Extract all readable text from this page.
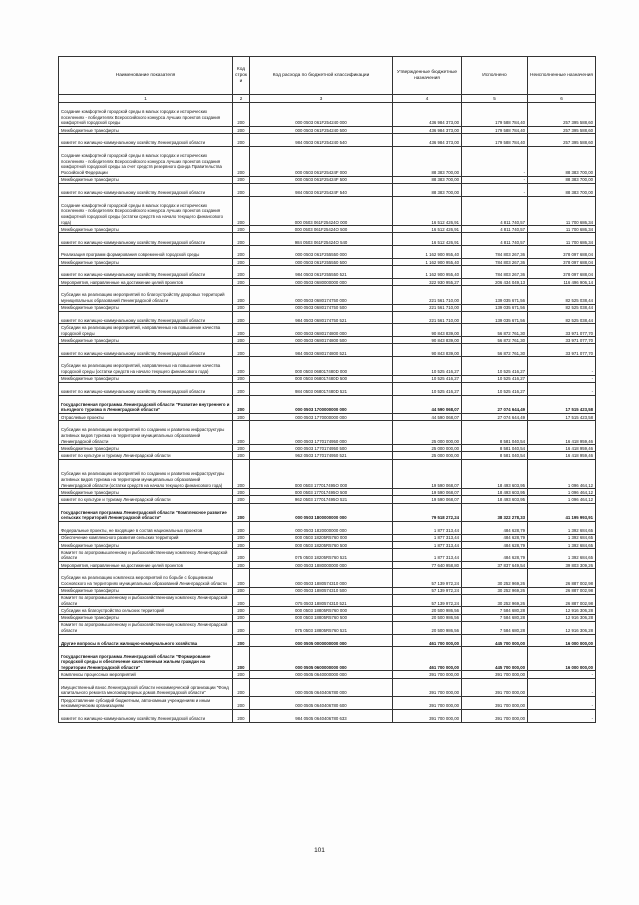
Наименование показателя	Код строк и	Код расхода по бюджетной классификации	Утвержденные бюджетные назначения	Исполнено	Неисполненные назначения
1	2	3	4	5	6
Создание комфортной городской среды в малых городах и исторических поселениях - победителях Всероссийского конкурса лучших проектов создания комфортной городской среды	200	000 0503 061F254240 000	436 984 373,00	179 588 784,40	257 395 588,60
Межбюджетные трансферты	200	000 0503 061F254240 500	436 984 373,00	179 588 784,40	257 395 588,60
комитет по жилищно-коммунальному хозяйству Ленинградской области	200	984 0503 061F254240 540	436 984 373,00	179 588 784,40	257 395 588,60
Создание комфортной городской среды в малых городах и исторических поселениях - победителях Всероссийского конкурса лучших проектов создания комфортной городской среды за счет средств резервного фонда Правительства Российской Федерации	200	000 0503 061F25424F 000	88 383 700,00	-	88 383 700,00
Межбюджетные трансферты	200	000 0503 061F25424F 500	88 383 700,00	-	88 383 700,00
комитет по жилищно-коммунальному хозяйству Ленинградской области	200	984 0503 061F25424F 540	88 383 700,00	-	88 383 700,00
Создание комфортной городской среды в малых городах и исторических поселениях - победителях Всероссийского конкурса лучших проектов создания комфортной городской среды (остатки средств на начало текущего финансового года)	200	000 0503 061F25424O 000	16 512 426,91	4 811 740,57	11 700 686,34
Межбюджетные трансферты	200	000 0503 061F25424O 500	16 512 426,91	4 811 740,57	11 700 686,34
комитет по жилищно-коммунальному хозяйству Ленинградской области	200	984 0503 061F25424O 540	16 512 426,91	4 811 740,57	11 700 686,34
Реализация программ формирования современной городской среды	200	000 0503 061F255550 000	1 162 900 955,40	784 803 267,36	378 097 688,04
Межбюджетные трансферты	200	000 0503 061F255550 500	1 162 900 955,40	784 803 267,36	378 097 688,04
комитет по жилищно-коммунальному хозяйству Ленинградской области	200	984 0503 061F255550 521	1 162 900 955,40	784 803 267,36	378 097 688,04
Мероприятия, направленные на достижение целей проектов	200	000 0503 0680000000 000	322 930 955,27	206 434 049,13	116 496 906,14
Субсидии на реализацию мероприятий по благоустройству дворовых территорий муниципальных образований Ленинградской области	200	000 0503 0680174750 000	221 561 710,00	139 035 671,56	82 525 038,44
Межбюджетные трансферты	200	000 0503 0680174750 500	221 561 710,00	139 035 671,56	82 525 038,44
комитет по жилищно-коммунальному хозяйству Ленинградской области	200	984 0503 0680174750 521	221 561 710,00	139 035 671,56	82 525 038,44
Субсидии на реализацию мероприятий, направленных на повышение качества городской среды	200	000 0503 0680174800 000	90 843 839,00	56 872 761,30	33 971 077,70
Межбюджетные трансферты	200	000 0503 0680174800 500	90 843 839,00	56 872 761,30	33 971 077,70
комитет по жилищно-коммунальному хозяйству Ленинградской области	200	984 0503 0680174800 521	90 843 839,00	56 872 761,30	33 971 077,70
Субсидии на реализацию мероприятий, направленных на повышение качества городской среды (остатки средств на начало текущего финансового года)	200	000 0503 068017480D 000	10 525 416,27	10 525 416,27	-
Межбюджетные трансферты	200	000 0503 068017480D 500	10 525 416,27	10 525 416,27	-
комитет по жилищно-коммунальному хозяйству Ленинградской области	200	984 0503 068017480D 521	10 525 416,27	10 525 416,27	-
Государственная программа Ленинградской области "Развитие внутреннего и въездного туризма в Ленинградской области"	200	000 0503 1700000000 000	44 590 068,07	27 074 644,49	17 515 423,58
Отраслевые проекты	200	000 0503 1770000000 000	44 590 068,07	27 074 644,49	17 515 423,58
Субсидии на реализацию мероприятий по созданию и развитию инфраструктуры активных видов туризма на территории муниципальных образований Ленинградской области	200	000 0503 1770174950 000	25 000 000,00	8 581 040,54	16 418 959,46
Межбюджетные трансферты	200	000 0503 1770174950 500	25 000 000,00	8 581 040,54	16 418 959,46
комитет по культуре и туризму Ленинградской области	200	962 0503 1770174950 521	25 000 000,00	8 581 040,54	16 418 959,46
Субсидии на реализацию мероприятий по созданию и развитию инфраструктуры активных видов туризма на территории муниципальных образований Ленинградской области (остатки средств на начало текущего финансового года)	200	000 0503 177017495O 000	19 590 068,07	18 493 603,95	1 096 464,12
Межбюджетные трансферты	200	000 0503 177017495O 500	19 590 068,07	18 493 603,95	1 096 464,12
комитет по культуре и туризму Ленинградской области	200	962 0503 177017495O 521	19 590 068,07	18 493 603,95	1 096 464,12
Государственная программа Ленинградской области "Комплексное развитие сельских территорий Ленинградской области"	200	000 0503 1800000000 000	79 518 272,24	38 322 278,33	41 195 993,91
Федеральные проекты, не входящие в состав национальных проектов	200	000 0503 1820000000 000	1 877 313,44	484 628,79	1 392 684,65
Обеспечение комплексного развития сельских территорий	200	000 0503 18205R5760 000	1 877 313,44	484 628,79	1 392 684,65
Межбюджетные трансферты	200	000 0503 18205R5760 500	1 877 313,44	484 628,79	1 392 684,65
Комитет по агропромышленному и рыбохозяйственному комплексу Ленинградской области	200	075 0503 18205R5760 521	1 877 313,44	484 628,79	1 392 684,65
Мероприятия, направленные на достижение целей проектов	200	000 0503 1880000000 000	77 640 958,80	37 837 649,54	39 803 309,26
Субсидии на реализацию комплекса мероприятий по борьбе с борщевиком Сосновского на территориях муниципальных образований Ленинградской области	200	000 0503 1880574310 000	57 139 972,24	30 252 969,26	26 887 002,98
Межбюджетные трансферты	200	000 0503 1880574310 500	57 139 972,24	30 252 969,26	26 887 002,98
Комитет по агропромышленному и рыбохозяйственному комплексу Ленинградской области	200	075 0503 1880574310 521	57 139 972,24	30 252 969,26	26 887 002,98
Субсидии на благоустройство сельских территорий	200	000 0503 18805R5760 000	20 500 986,56	7 584 680,28	12 916 306,28
Межбюджетные трансферты	200	000 0503 18805R5760 500	20 500 986,56	7 584 680,28	12 916 306,28
Комитет по агропромышленному и рыбохозяйственному комплексу Ленинградской области	200	075 0503 18805R5760 521	20 500 986,56	7 584 680,28	12 916 306,28
Другие вопросы в области жилищно-коммунального хозяйства	200	000 0505 0000000000 000	461 700 000,00	445 700 000,00	16 000 000,00
Государственная программа Ленинградской области "Формирование городской среды и обеспечение качественным жильем граждан на территории Ленинградской области"	200	000 0505 0600000000 000	461 700 000,00	445 700 000,00	16 000 000,00
Комплексы процессных мероприятий	200	000 0505 0640000000 000	391 700 000,00	391 700 000,00	-
Имущественный взнос Ленинградской области некоммерческой организации "Фонд капитального ремонта многоквартирных домов Ленинградской области"	200	000 0505 0640406780 000	391 700 000,00	391 700 000,00	-
Предоставление субсидий бюджетным, автономным учреждениям и иным некоммерческим организациям	200	000 0505 0640406780 600	391 700 000,00	391 700 000,00	-
комитет по жилищно-коммунальному хозяйству Ленинградской области	200	984 0505 0640406780 633	391 700 000,00	391 700 000,00	-
101
